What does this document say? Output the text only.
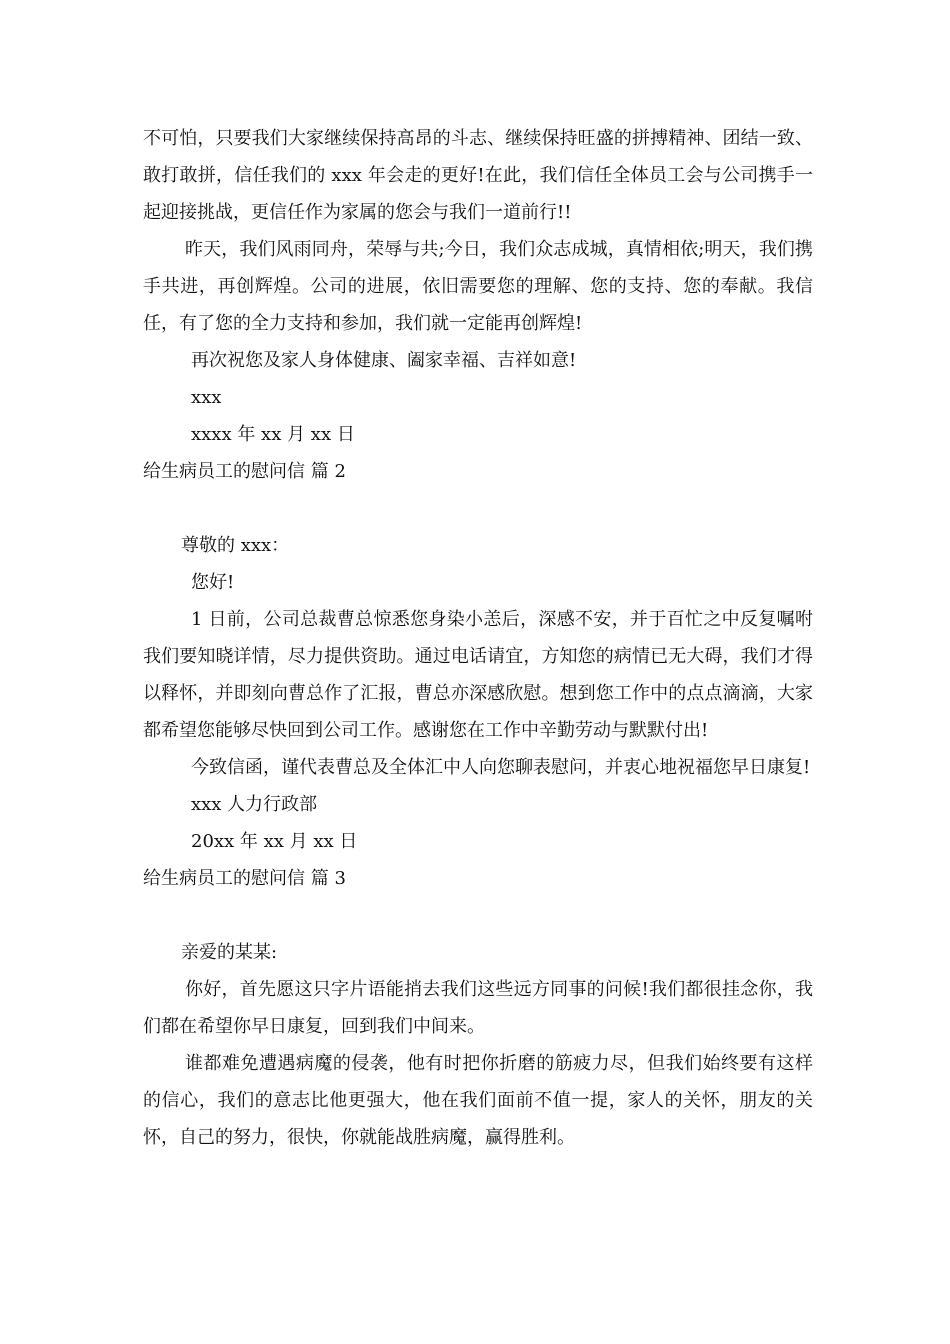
不可怕，只要我们大家继续保持高昂的斗志、继续保持旺盛的拼搏精神、团结一致、敢打敢拼，信任我们的 xxx 年会走的更好!在此，我们信任全体员工会与公司携手一起迎接挑战，更信任作为家属的您会与我们一道前行!!

昨天，我们风雨同舟，荣辱与共;今日，我们众志成城，真情相依;明天，我们携手共进，再创辉煌。公司的进展，依旧需要您的理解、您的支持、您的奉献。我信任，有了您的全力支持和参加，我们就一定能再创辉煌!

再次祝您及家人身体健康、阖家幸福、吉祥如意!

xxx

xxxx 年 xx 月 xx 日

给生病员工的慰问信 篇 2

尊敬的 xxx：

您好!

1 日前，公司总裁曹总惊悉您身染小恙后，深感不安，并于百忙之中反复嘱咐我们要知晓详情，尽力提供资助。通过电话请宜，方知您的病情已无大碍，我们才得以释怀，并即刻向曹总作了汇报，曹总亦深感欣慰。想到您工作中的点点滴滴，大家都希望您能够尽快回到公司工作。感谢您在工作中辛勤劳动与默默付出!

今致信函，谨代表曹总及全体汇中人向您聊表慰问，并衷心地祝福您早日康复!

xxx 人力行政部

20xx 年 xx 月 xx 日

给生病员工的慰问信 篇 3

亲爱的某某:

你好，首先愿这只字片语能捎去我们这些远方同事的问候!我们都很挂念你，我们都在希望你早日康复，回到我们中间来。

谁都难免遭遇病魔的侵袭，他有时把你折磨的筋疲力尽，但我们始终要有这样的信心，我们的意志比他更强大，他在我们面前不值一提，家人的关怀，朋友的关怀，自己的努力，很快，你就能战胜病魔，赢得胜利。
